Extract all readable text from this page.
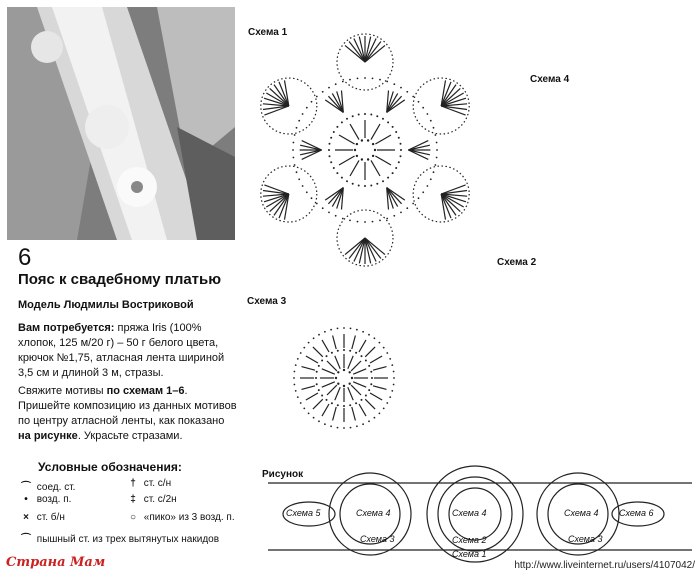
6
Пояс к свадебному платью
Модель Людмилы Востриковой
Вам потребуется: пряжа Iris (100% хлопок, 125 м/20 г) – 50 г белого цвета, крючок №1,75, атласная лента шириной 3,5 см и длиной 3 м, стразы.
Свяжите мотивы по схемам 1–6. Пришейте композицию из данных мотивов по центру атласной ленты, как показано на рисунке. Украсьте стразами.
Условные обозначения:
⌒ соед. ст.
• возд. п.
× ст. б/н
⌒ пышный ст. из трех вытянутых накидов
† ст. с/н
‡ ст. с/2н
○ «пико» из 3 возд. п.
Схема 1
Схема 4
Схема 2
Схема 3
Рисунок
Схема 5	Схема 4
Схема 3
Схема 4
Схема 2
Схема 1
Схема 4
Схема 3
Схема 6
http://www.liveinternet.ru/users/4107042/
Страна Мам
